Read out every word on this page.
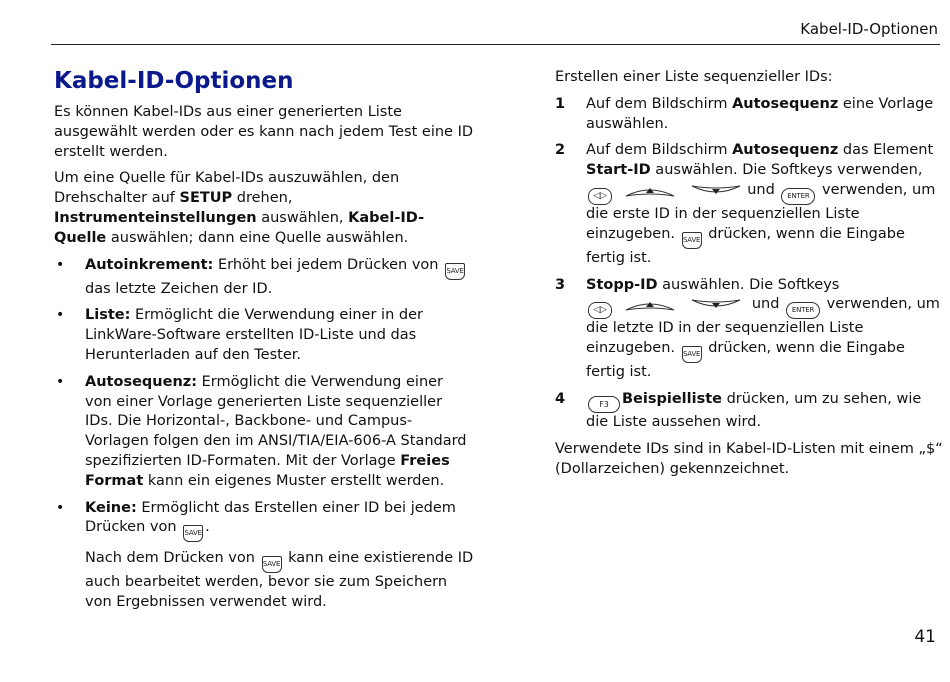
Kabel-ID-Optionen
Kabel-ID-Optionen

Es können Kabel-IDs aus einer generierten Liste ausgewählt werden oder es kann nach jedem Test eine ID erstellt werden.

Um eine Quelle für Kabel-IDs auszuwählen, den Drehschalter auf SETUP drehen, Instrumenteinstellungen auswählen, Kabel-ID-Quelle auswählen; dann eine Quelle auswählen.

• Autoinkrement: Erhöht bei jedem Drücken von SAVE das letzte Zeichen der ID.
• Liste: Ermöglicht die Verwendung einer in der LinkWare-Software erstellten ID-Liste und das Herunterladen auf den Tester.
• Autosequenz: Ermöglicht die Verwendung einer von einer Vorlage generierten Liste sequenzieller IDs. Die Horizontal-, Backbone- und Campus-Vorlagen folgen den im ANSI/TIA/EIA-606-A Standard spezifizierten ID-Formaten. Mit der Vorlage Freies Format kann ein eigenes Muster erstellt werden.
• Keine: Ermöglicht das Erstellen einer ID bei jedem Drücken von SAVE .

Nach dem Drücken von SAVE kann eine existierende ID auch bearbeitet werden, bevor sie zum Speichern von Ergebnissen verwendet wird.

Erstellen einer Liste sequenzieller IDs:

1 Auf dem Bildschirm Autosequenz eine Vorlage auswählen.
2 Auf dem Bildschirm Autosequenz das Element Start-ID auswählen. Die Softkeys verwenden,
◁▷	und ENTER verwenden, um die erste ID in der sequenziellen Liste einzugeben. SAVE drücken, wenn die Eingabe fertig ist.
3 Stopp-ID auswählen. Die Softkeys
◁▷	und ENTER verwenden, um die letzte ID in der sequenziellen Liste einzugeben. SAVE drücken, wenn die Eingabe fertig ist.
4	F3 Beispielliste drücken, um zu sehen, wie die Liste aussehen wird.

Verwendete IDs sind in Kabel-ID-Listen mit einem „$“ (Dollarzeichen) gekennzeichnet.

41
